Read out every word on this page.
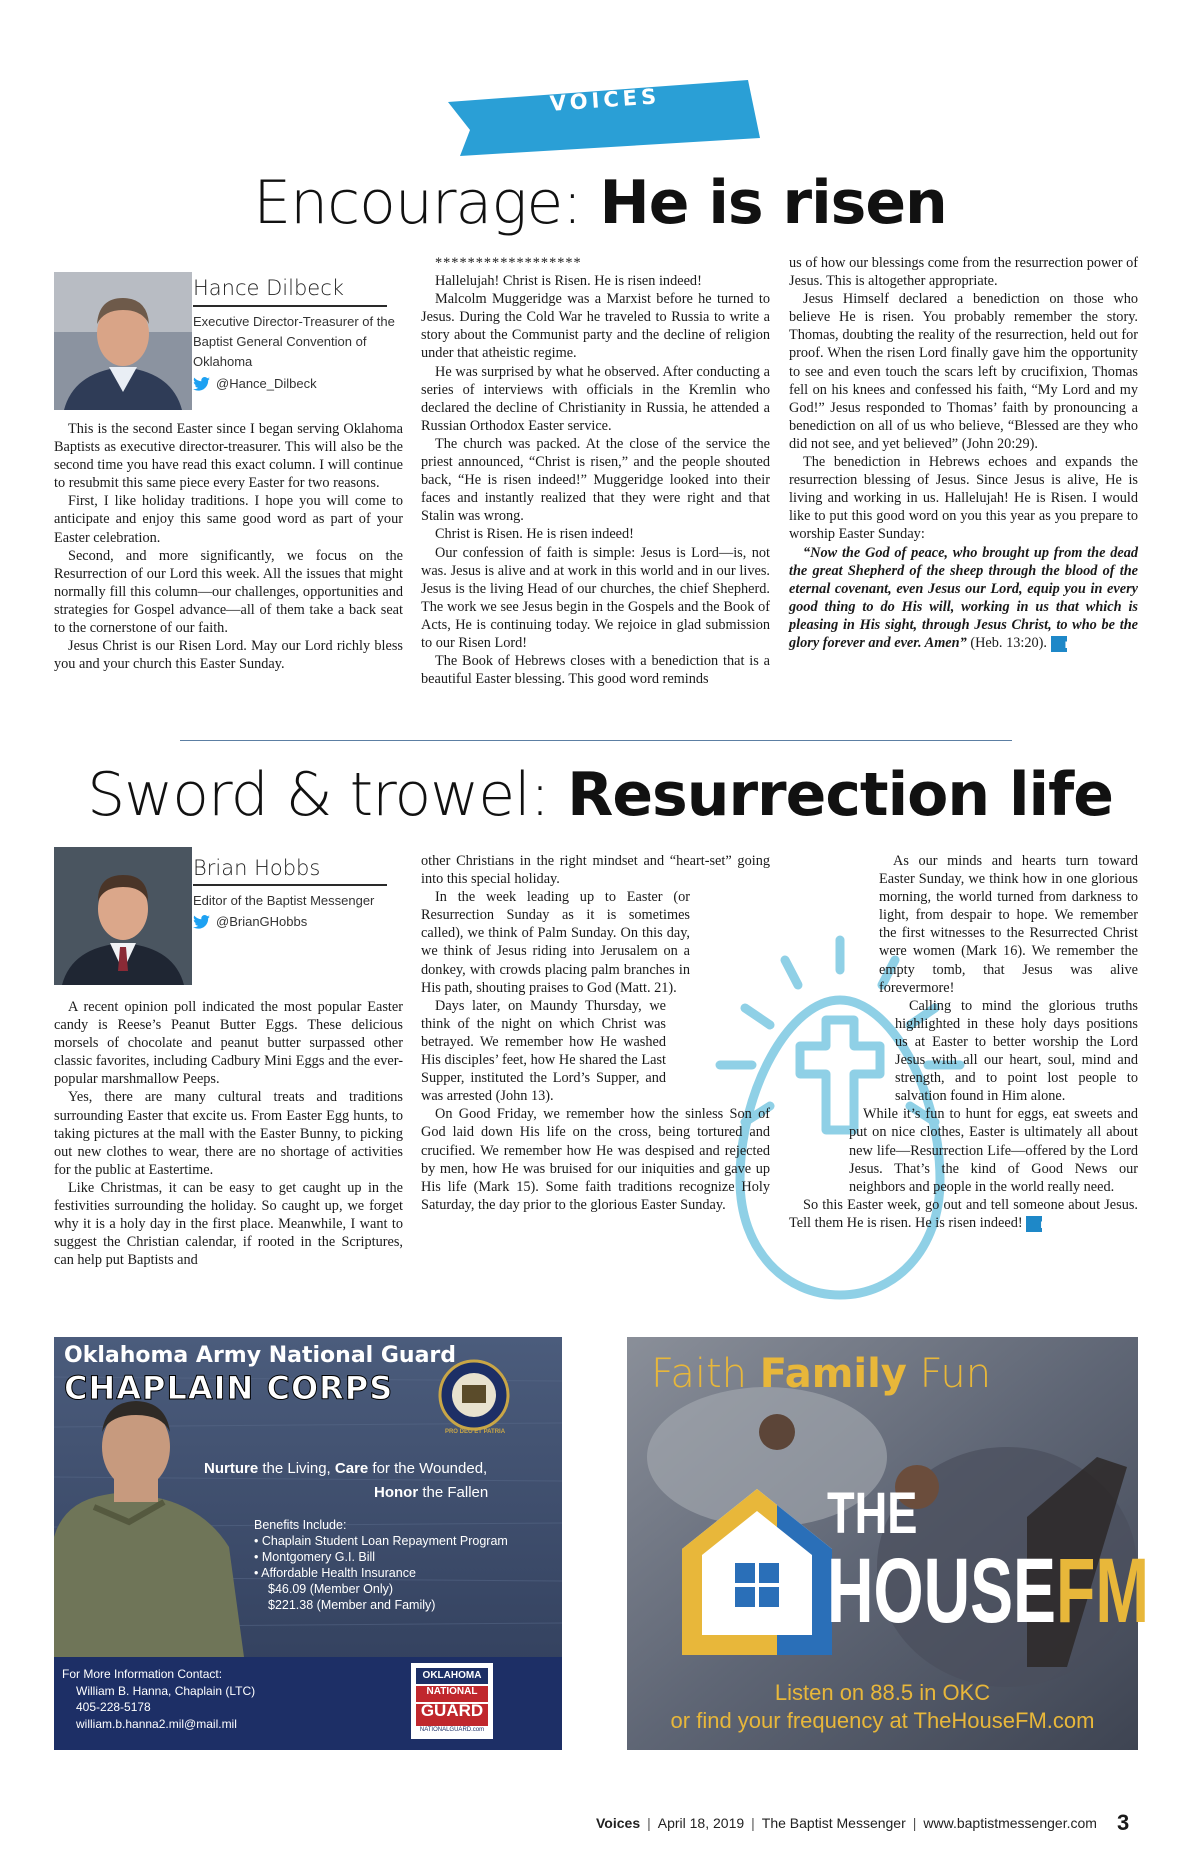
VOICES
Encourage: He is risen
Hance Dilbeck
Executive Director-Treasurer of the Baptist General Convention of Oklahoma
@Hance_Dilbeck

This is the second Easter since I began serving Oklahoma Baptists as executive director-treasurer. This will also be the second time you have read this exact column. I will continue to resubmit this same piece every Easter for two reasons.

First, I like holiday traditions. I hope you will come to anticipate and enjoy this same good word as part of your Easter celebration.

Second, and more significantly, we focus on the Resurrection of our Lord this week. All the issues that might normally fill this column—our challenges, opportunities and strategies for Gospel advance—all of them take a back seat to the cornerstone of our faith.

Jesus Christ is our Risen Lord. May our Lord richly bless you and your church this Easter Sunday.

******************

Hallelujah! Christ is Risen. He is risen indeed!

Malcolm Muggeridge was a Marxist before he turned to Jesus. During the Cold War he traveled to Russia to write a story about the Communist party and the decline of religion under that atheistic regime.

He was surprised by what he observed. After conducting a series of interviews with officials in the Kremlin who declared the decline of Christianity in Russia, he attended a Russian Orthodox Easter service.

The church was packed. At the close of the service the priest announced, “Christ is risen,” and the people shouted back, “He is risen indeed!” Muggeridge looked into their faces and instantly realized that they were right and that Stalin was wrong.

Christ is Risen. He is risen indeed!

Our confession of faith is simple: Jesus is Lord—is, not was. Jesus is alive and at work in this world and in our lives. Jesus is the living Head of our churches, the chief Shepherd. The work we see Jesus begin in the Gospels and the Book of Acts, He is continuing today. We rejoice in glad submission to our Risen Lord!

The Book of Hebrews closes with a benediction that is a beautiful Easter blessing. This good word reminds

us of how our blessings come from the resurrection power of Jesus. This is altogether appropriate.

Jesus Himself declared a benediction on those who believe He is risen. You probably remember the story. Thomas, doubting the reality of the resurrection, held out for proof. When the risen Lord finally gave him the opportunity to see and even touch the scars left by crucifixion, Thomas fell on his knees and confessed his faith, “My Lord and my God!” Jesus responded to Thomas’ faith by pronouncing a benediction on all of us who believe, “Blessed are they who did not see, and yet believed” (John 20:29).

The benediction in Hebrews echoes and expands the resurrection blessing of Jesus. Since Jesus is alive, He is living and working in us. Hallelujah! He is Risen. I would like to put this good word on you this year as you prepare to worship Easter Sunday:

“Now the God of peace, who brought up from the dead the great Shepherd of the sheep through the blood of the eternal covenant, even Jesus our Lord, equip you in every good thing to do His will, working in us that which is pleasing in His sight, through Jesus Christ, to who be the glory forever and ever. Amen” (Heb. 13:20). m

Sword & trowel: Resurrection life
Brian Hobbs
Editor of the Baptist Messenger
@BrianGHobbs

A recent opinion poll indicated the most popular Easter candy is Reese’s Peanut Butter Eggs. These delicious morsels of chocolate and peanut butter surpassed other classic favorites, including Cadbury Mini Eggs and the ever-popular marshmallow Peeps.

Yes, there are many cultural treats and traditions surrounding Easter that excite us. From Easter Egg hunts, to taking pictures at the mall with the Easter Bunny, to picking out new clothes to wear, there are no shortage of activities for the public at Eastertime.

Like Christmas, it can be easy to get caught up in the festivities surrounding the holiday. So caught up, we forget why it is a holy day in the first place. Meanwhile, I want to suggest the Christian calendar, if rooted in the Scriptures, can help put Baptists and

other Christians in the right mindset and “heart-set” going into this special holiday.

In the week leading up to Easter (or Resurrection Sunday as it is sometimes called), we think of Palm Sunday. On this day, we think of Jesus riding into Jerusalem on a donkey, with crowds placing palm branches in His path, shouting praises to God (Matt. 21).

Days later, on Maundy Thursday, we think of the night on which Christ was betrayed. We remember how He washed His disciples’ feet, how He shared the Last Supper, instituted the Lord’s Supper, and was arrested (John 13).

On Good Friday, we remember how the sinless Son of God laid down His life on the cross, being tortured and crucified. We remember how He was despised and rejected by men, how He was bruised for our iniquities and gave up His life (Mark 15). Some faith traditions recognize Holy Saturday, the day prior to the glorious Easter Sunday.

As our minds and hearts turn toward Easter Sunday, we think how in one glorious morning, the world turned from darkness to light, from despair to hope. We remember the first witnesses to the Resurrected Christ were women (Mark 16). We remember the empty tomb, that Jesus was alive forevermore!

Calling to mind the glorious truths highlighted in these holy days positions us at Easter to better worship the Lord Jesus with all our heart, soul, mind and strength, and to point lost people to salvation found in Him alone.

While it’s fun to hunt for eggs, eat sweets and put on nice clothes, Easter is ultimately all about new life—Resurrection Life—offered by the Lord Jesus. That’s the kind of Good News our neighbors and people in the world really need.

So this Easter week, go out and tell someone about Jesus. Tell them He is risen. He is risen indeed! m

Oklahoma Army National Guard
CHAPLAIN CORPS
PRO DEO ET PATRIA
Nurture the Living, Care for the Wounded,
Honor the Fallen
Benefits Include:
• Chaplain Student Loan Repayment Program
• Montgomery G.I. Bill
• Affordable Health Insurance
$46.09 (Member Only)
$221.38 (Member and Family)
For More Information Contact:
William B. Hanna, Chaplain (LTC)
405-228-5178
william.b.hanna2.mil@mail.mil
OKLAHOMA
NATIONAL
GUARD
NATIONALGUARD.com
Faith Family Fun
THE
HOUSEFM
Listen on 88.5 in OKC
or find your frequency at TheHouseFM.com
Voices | April 18, 2019 | The Baptist Messenger | www.baptistmessenger.com 3
